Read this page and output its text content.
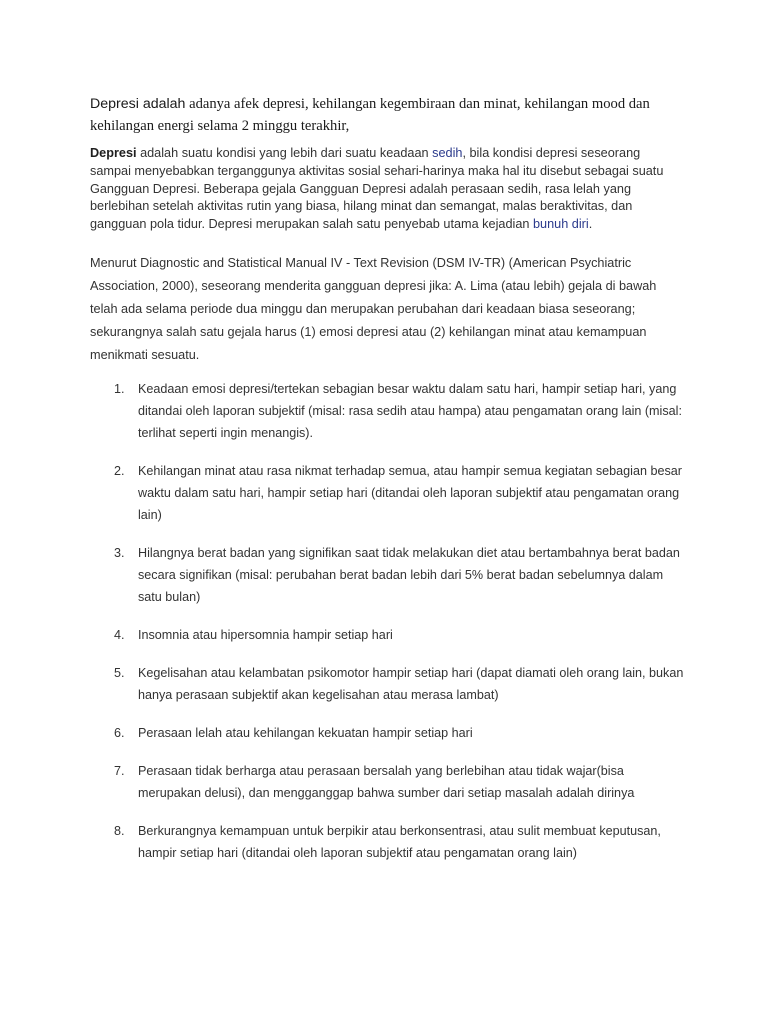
Depresi adalah adanya afek depresi, kehilangan kegembiraan dan minat, kehilangan mood dan kehilangan energi selama 2 minggu terakhir,

Depresi adalah suatu kondisi yang lebih dari suatu keadaan sedih, bila kondisi depresi seseorang sampai menyebabkan terganggunya aktivitas sosial sehari-harinya maka hal itu disebut sebagai suatu Gangguan Depresi. Beberapa gejala Gangguan Depresi adalah perasaan sedih, rasa lelah yang berlebihan setelah aktivitas rutin yang biasa, hilang minat dan semangat, malas beraktivitas, dan gangguan pola tidur. Depresi merupakan salah satu penyebab utama kejadian bunuh diri.

Menurut Diagnostic and Statistical Manual IV - Text Revision (DSM IV-TR) (American Psychiatric Association, 2000), seseorang menderita gangguan depresi jika: A. Lima (atau lebih) gejala di bawah telah ada selama periode dua minggu dan merupakan perubahan dari keadaan biasa seseorang; sekurangnya salah satu gejala harus (1) emosi depresi atau (2) kehilangan minat atau kemampuan menikmati sesuatu.

1. Keadaan emosi depresi/tertekan sebagian besar waktu dalam satu hari, hampir setiap hari, yang ditandai oleh laporan subjektif (misal: rasa sedih atau hampa) atau pengamatan orang lain (misal: terlihat seperti ingin menangis).
2. Kehilangan minat atau rasa nikmat terhadap semua, atau hampir semua kegiatan sebagian besar waktu dalam satu hari, hampir setiap hari (ditandai oleh laporan subjektif atau pengamatan orang lain)
3. Hilangnya berat badan yang signifikan saat tidak melakukan diet atau bertambahnya berat badan secara signifikan (misal: perubahan berat badan lebih dari 5% berat badan sebelumnya dalam satu bulan)
4. Insomnia atau hipersomnia hampir setiap hari
5. Kegelisahan atau kelambatan psikomotor hampir setiap hari (dapat diamati oleh orang lain, bukan hanya perasaan subjektif akan kegelisahan atau merasa lambat)
6. Perasaan lelah atau kehilangan kekuatan hampir setiap hari
7. Perasaan tidak berharga atau perasaan bersalah yang berlebihan atau tidak wajar(bisa merupakan delusi), dan mengganggap bahwa sumber dari setiap masalah adalah dirinya
8. Berkurangnya kemampuan untuk berpikir atau berkonsentrasi, atau sulit membuat keputusan, hampir setiap hari (ditandai oleh laporan subjektif atau pengamatan orang lain)
